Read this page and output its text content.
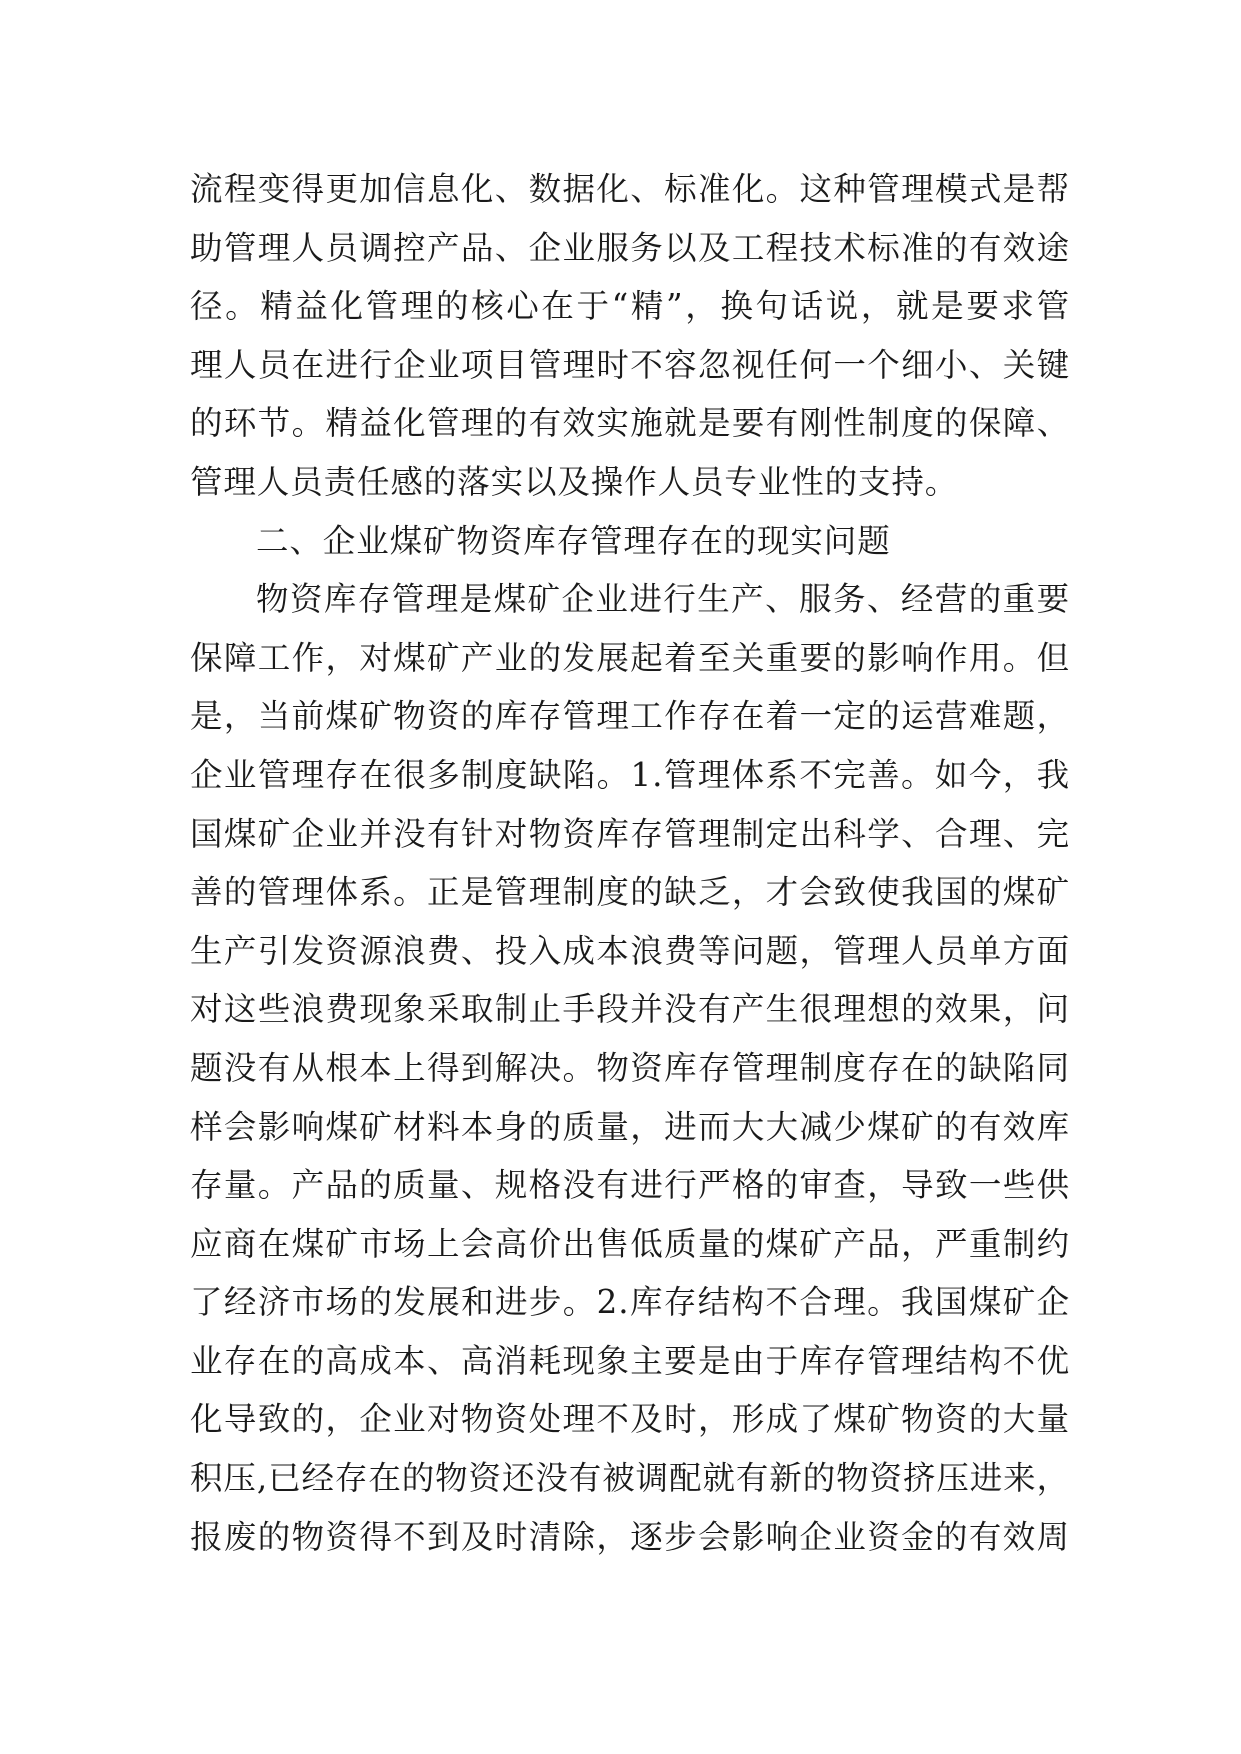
流程变得更加信息化、数据化、标准化。这种管理模式是帮
助管理人员调控产品、企业服务以及工程技术标准的有效途
径。精益化管理的核心在于“精”，换句话说，就是要求管
理人员在进行企业项目管理时不容忽视任何一个细小、关键
的环节。精益化管理的有效实施就是要有刚性制度的保障、
管理人员责任感的落实以及操作人员专业性的支持。
二、企业煤矿物资库存管理存在的现实问题
物资库存管理是煤矿企业进行生产、服务、经营的重要
保障工作，对煤矿产业的发展起着至关重要的影响作用。但
是，当前煤矿物资的库存管理工作存在着一定的运营难题，
企业管理存在很多制度缺陷。1.管理体系不完善。如今，我
国煤矿企业并没有针对物资库存管理制定出科学、合理、完
善的管理体系。正是管理制度的缺乏，才会致使我国的煤矿
生产引发资源浪费、投入成本浪费等问题，管理人员单方面
对这些浪费现象采取制止手段并没有产生很理想的效果，问
题没有从根本上得到解决。物资库存管理制度存在的缺陷同
样会影响煤矿材料本身的质量，进而大大减少煤矿的有效库
存量。产品的质量、规格没有进行严格的审查，导致一些供
应商在煤矿市场上会高价出售低质量的煤矿产品，严重制约
了经济市场的发展和进步。2.库存结构不合理。我国煤矿企
业存在的高成本、高消耗现象主要是由于库存管理结构不优
化导致的，企业对物资处理不及时，形成了煤矿物资的大量
积压,已经存在的物资还没有被调配就有新的物资挤压进来，
报废的物资得不到及时清除，逐步会影响企业资金的有效周
